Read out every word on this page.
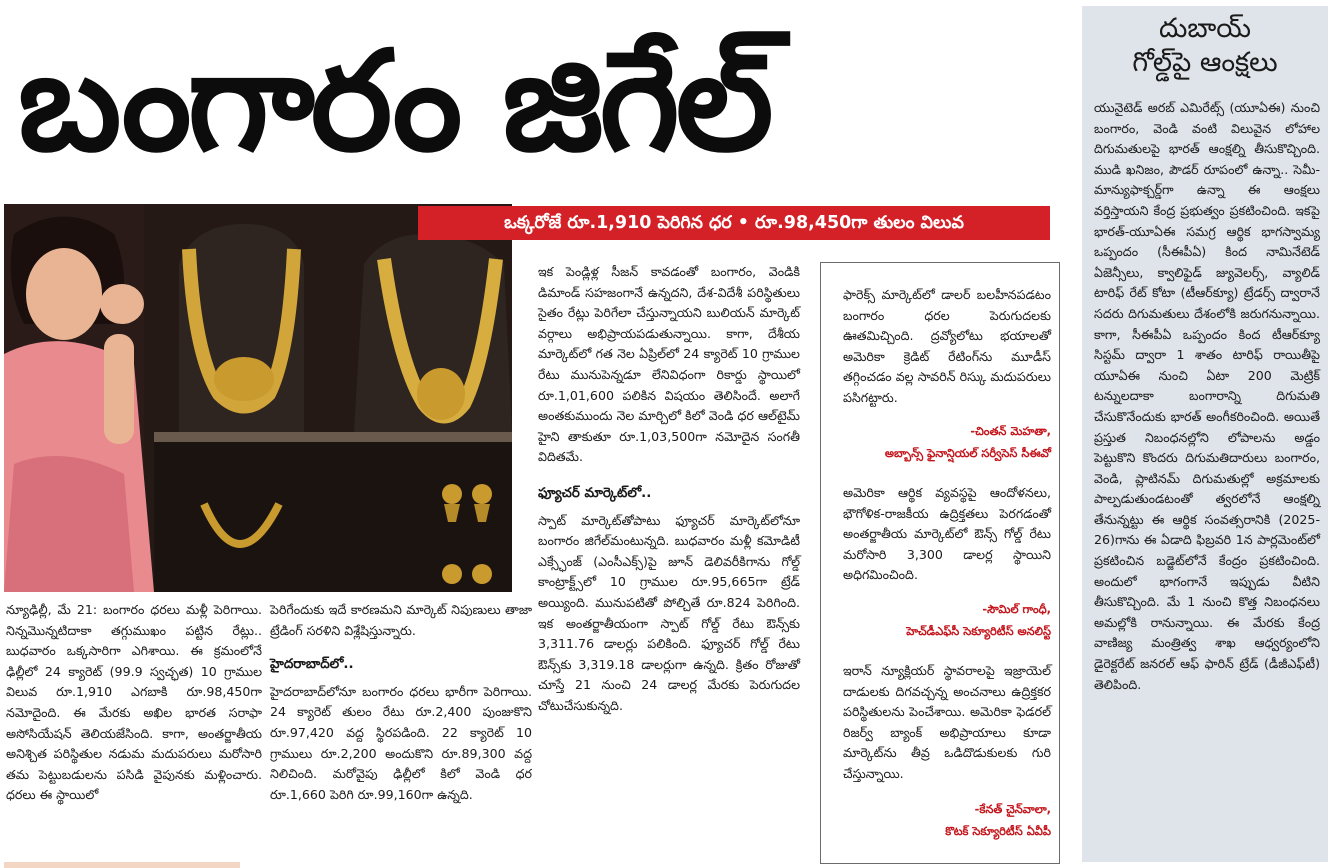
బంగారం జిగేల్
ఒక్కరోజే రూ.1,910 పెరిగిన ధర • రూ.98,450గా తులం విలువ

న్యూఢిల్లీ, మే 21: బంగారం ధరలు మళ్లీ పెరిగాయి. నిన్నమొన్నటిదాకా తగ్గుముఖం పట్టిన రేట్లు.. బుధవారం ఒక్కసారిగా ఎగిశాయి. ఈ క్రమంలోనే ఢిల్లీలో 24 క్యారెట్ (99.9 స్వచ్ఛత) 10 గ్రాముల విలువ రూ.1,910 ఎగబాకి రూ.98,450గా నమోదైంది. ఈ మేరకు అఖిల భారత సరాఫా అసోసియేషన్ తెలియజేసింది. కాగా, అంతర్జాతీయ అనిశ్చిత పరిస్థితుల నడుమ మదుపరులు మరోసారి తమ పెట్టుబడులను పసిడి వైపునకు మళ్లించారు. ధరలు ఈ స్థాయిలో

పెరిగేందుకు ఇదే కారణమని మార్కెట్ నిపుణులు తాజా ట్రేడింగ్ సరళిని విశ్లేషిస్తున్నారు.

హైదరాబాద్‌లో..

హైదరాబాద్‌లోనూ బంగారం ధరలు భారీగా పెరిగాయి. 24 క్యారెట్ తులం రేటు రూ.2,400 పుంజుకొని రూ.97,420 వద్ద స్థిరపడింది. 22 క్యారెట్ 10 గ్రాములు రూ.2,200 అందుకొని రూ.89,300 వద్ద నిలిచింది. మరోవైపు ఢిల్లీలో కిలో వెండి ధర రూ.1,660 పెరిగి రూ.99,160గా ఉన్నది.

ఇక పెండ్లిళ్ల సీజన్ కావడంతో బంగారం, వెండికి డిమాండ్ సహజంగానే ఉన్నదని, దేశ-విదేశీ పరిస్థితులు సైతం రేట్లు పెరిగేలా చేస్తున్నాయని బులియన్ మార్కెట్ వర్గాలు అభిప్రాయపడుతున్నాయి. కాగా, దేశీయ మార్కెట్‌లో గత నెల ఏప్రిల్‌లో 24 క్యారెట్ 10 గ్రాముల రేటు మునుపెన్నడూ లేనివిధంగా రికార్డు స్థాయిలో రూ.1,01,600 పలికిన విషయం తెలిసిందే. అలాగే అంతకుముందు నెల మార్చిలో కిలో వెండి ధర ఆల్‌టైమ్ హైని తాకుతూ రూ.1,03,500గా నమోదైన సంగతీ విదితమే.

ఫ్యూచర్ మార్కెట్‌లో..

స్పాట్ మార్కెట్‌తోపాటు ఫ్యూచర్ మార్కెట్‌లోనూ బంగారం జిగేల్‌మంటున్నది. బుధవారం మళ్లీ కమోడిటీ ఎక్స్ఛేంజ్ (ఎంసీఎక్స్)పై జూన్ డెలివరీకిగాను గోల్డ్ కాంట్రాక్ట్స్‌లో 10 గ్రాముల రూ.95,665గా ట్రేడ్ అయ్యింది. మునుపటితో పోల్చితే రూ.824 పెరిగింది. ఇక అంతర్జాతీయంగా స్పాట్ గోల్డ్ రేటు ఔన్స్‌కు 3,311.76 డాలర్లు పలికింది. ఫ్యూచర్ గోల్డ్ రేటు ఔన్స్‌కు 3,319.18 డాలర్లుగా ఉన్నది. క్రితం రోజుతో చూస్తే 21 నుంచి 24 డాలర్ల మేరకు పెరుగుదల చోటుచేసుకున్నది.

ఫారెక్స్ మార్కెట్‌లో డాలర్ బలహీనపడటం బంగారం ధరల పెరుగుదలకు ఊతమిచ్చింది. ద్రవ్యోలోటు భయాలతో అమెరికా క్రెడిట్ రేటింగ్‌ను మూడీస్ తగ్గించడం వల్ల సావరిన్ రిస్కు మదుపరులు పసిగట్టారు.
-చింతన్ మెహతా,
అబ్బాన్స్ ఫైనాన్షియల్ సర్వీసెస్ సీఈవో
అమెరికా ఆర్థిక వ్యవస్థపై ఆందోళనలు, భౌగోళిక-రాజకీయ ఉద్రిక్తతలు పెరగడంతో అంతర్జాతీయ మార్కెట్‌లో ఔన్స్ గోల్డ్ రేటు మరోసారి 3,300 డాలర్ల స్థాయిని అధిగమించింది.
-సౌమిల్ గాంధీ,
హెచ్‌డీఎఫ్‌సీ సెక్యూరిటీస్ అనలిస్ట్
ఇరాన్ న్యూక్లియర్ స్థావరాలపై ఇజ్రాయెల్ దాడులకు దిగవచ్చన్న అంచనాలు ఉద్రిక్తకర పరిస్థితులను పెంచేశాయి. అమెరికా ఫెడరల్ రిజర్వ్ బ్యాంక్ అభిప్రాయాలు కూడా మార్కెట్‌ను తీవ్ర ఒడిదొడుకులకు గురి చేస్తున్నాయి.
-కేనత్ చైన్‌వాలా,
కొటక్ సెక్యూరిటీస్ ఏవీపీ
దుబాయ్
గోల్డ్‌పై ఆంక్షలు

యునైటెడ్ అరబ్ ఎమిరేట్స్ (యూఏఈ) నుంచి బంగారం, వెండి వంటి విలువైన లోహాల దిగుమతులపై భారత్ ఆంక్షల్ని తీసుకొచ్చింది. ముడి ఖనిజం, పౌడర్ రూపంలో ఉన్నా.. సెమీ-మాన్యుఫాక్చర్డ్‌గా ఉన్నా ఈ ఆంక్షలు వర్తిస్తాయని కేంద్ర ప్రభుత్వం ప్రకటించింది. ఇకపై భారత్-యూఏఈ సమగ్ర ఆర్థిక భాగస్వామ్య ఒప్పందం (సీఈపీఏ) కింద నామినేటెడ్ ఏజెన్సీలు, క్వాలిఫైడ్ జ్యువెలర్స్, వ్యాలిడ్ టారిఫ్ రేట్ కోటా (టీఆర్‌క్యూ) ట్రేడర్స్ ద్వారానే సదరు దిగుమతులు దేశంలోకి జరుగనున్నాయి. కాగా, సీఈపీఏ ఒప్పందం కింద టీఆర్‌క్యూ సిస్టమ్ ద్వారా 1 శాతం టారిఫ్ రాయితీపై యూఏఈ నుంచి ఏటా 200 మెట్రిక్ టన్నులదాకా బంగారాన్ని దిగుమతి చేసుకొనేందుకు భారత్ అంగీకరించింది. అయితే ప్రస్తుత నిబంధనల్లోని లోపాలను అడ్డం పెట్టుకొని కొందరు దిగుమతిదారులు బంగారం, వెండి, ప్లాటినమ్ దిగుమతుల్లో అక్రమాలకు పాల్పడుతుండటంతో త్వరలోనే ఆంక్షల్ని తేనున్నట్టు ఈ ఆర్థిక సంవత్సరానికి (2025-26)గాను ఈ ఏడాది ఫిబ్రవరి 1న పార్లమెంట్‌లో ప్రకటించిన బడ్జెట్‌లోనే కేంద్రం ప్రకటించింది. అందులో భాగంగానే ఇప్పుడు వీటిని తీసుకొచ్చింది. మే 1 నుంచి కొత్త నిబంధనలు అమల్లోకి రానున్నాయి. ఈ మేరకు కేంద్ర వాణిజ్య మంత్రిత్వ శాఖ ఆధ్వర్యంలోని డైరెక్టరేట్ జనరల్ ఆఫ్ ఫారిన్ ట్రేడ్ (డీజీఎఫ్‌టీ) తెలిపింది.
